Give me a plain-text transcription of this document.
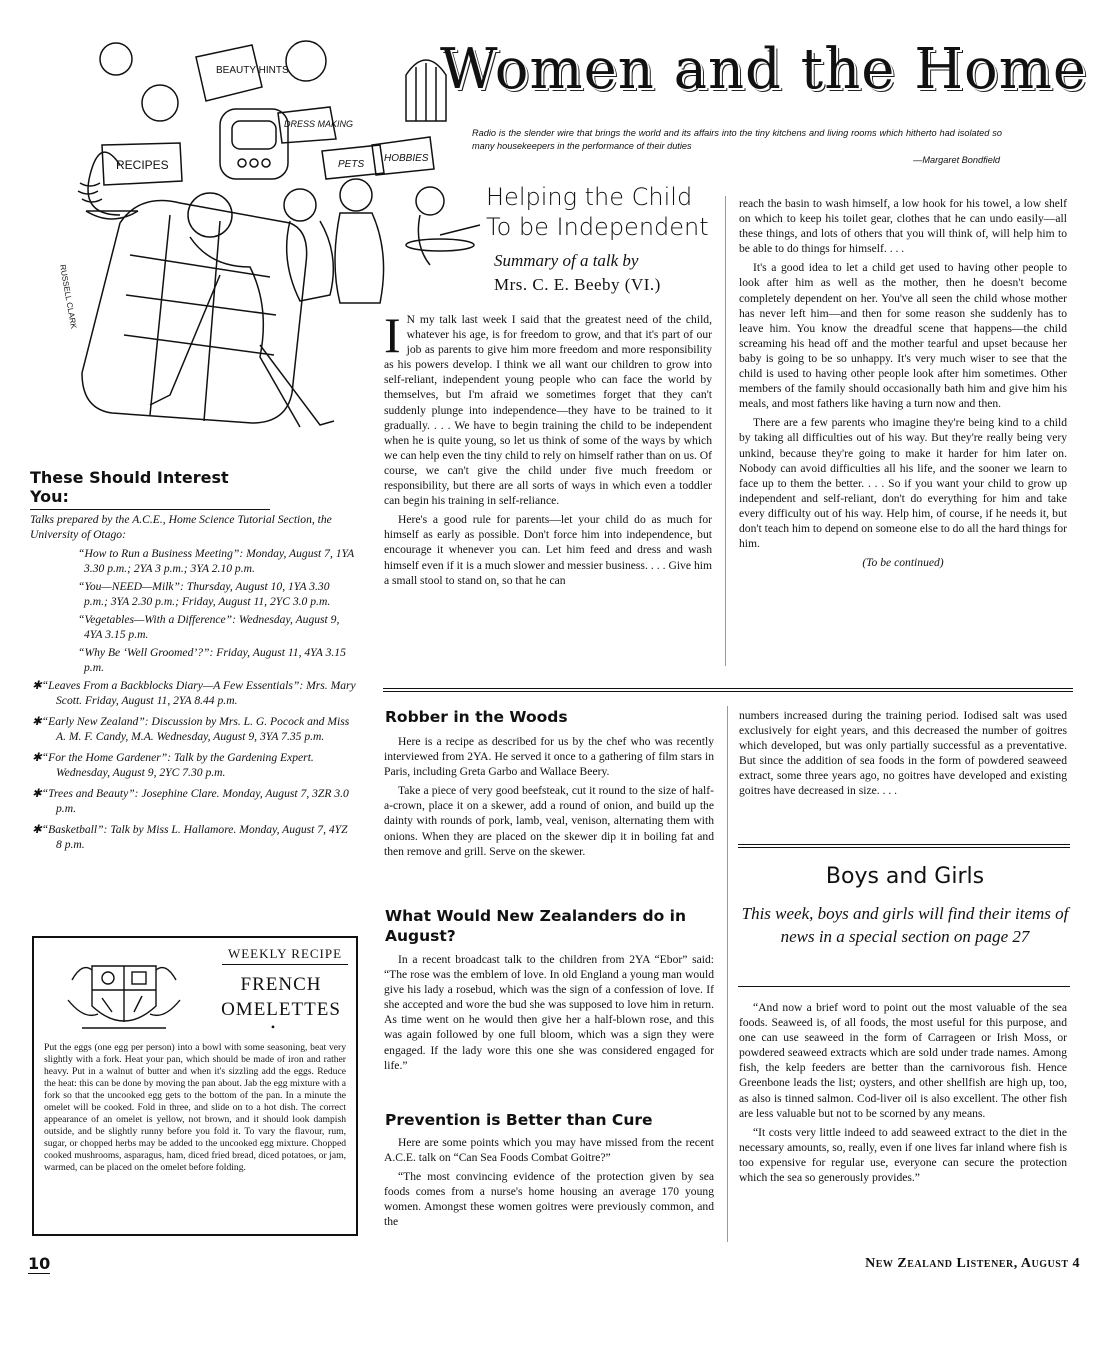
Women and the Home
Radio is the slender wire that brings the world and its affairs into the tiny kitchens and living rooms which hitherto had isolated so many housekeepers in the performance of their duties
—Margaret Bondfield
BEAUTY HINTS
DRESS MAKING
RECIPES	PETS
HOBBIES
RUSSELL CLARK
Helping the Child
To be Independent
Summary of a talk by
Mrs. C. E. Beeby (VI.)

I N my talk last week I said that the greatest need of the child, whatever his age, is for freedom to grow, and that it's part of our job as parents to give him more freedom and more responsibility as his powers develop. I think we all want our children to grow into self-reliant, independent young people who can face the world by themselves, but I'm afraid we sometimes forget that they can't suddenly plunge into independence—they have to be trained to it gradually. . . . We have to begin training the child to be independent when he is quite young, so let us think of some of the ways by which we can help even the tiny child to rely on himself rather than on us. Of course, we can't give the child under five much freedom or responsibility, but there are all sorts of ways in which even a toddler can begin his training in self-reliance.

Here's a good rule for parents—let your child do as much for himself as early as possible. Don't force him into independence, but encourage it whenever you can. Let him feed and dress and wash himself even if it is a much slower and messier business. . . . Give him a small stool to stand on, so that he can

reach the basin to wash himself, a low hook for his towel, a low shelf on which to keep his toilet gear, clothes that he can undo easily—all these things, and lots of others that you will think of, will help him to be able to do things for himself. . . .

It's a good idea to let a child get used to having other people to look after him as well as the mother, then he doesn't become completely dependent on her. You've all seen the child whose mother has never left him—and then for some reason she suddenly has to leave him. You know the dreadful scene that happens—the child screaming his head off and the mother tearful and upset because her baby is going to be so unhappy. It's very much wiser to see that the child is used to having other people look after him sometimes. Other members of the family should occasionally bath him and give him his meals, and most fathers like having a turn now and then.

There are a few parents who imagine they're being kind to a child by taking all difficulties out of his way. But they're really being very unkind, because they're going to make it harder for him later on. Nobody can avoid difficulties all his life, and the sooner we learn to face up to them the better. . . . So if you want your child to grow up independent and self-reliant, don't do everything for him and take every difficulty out of his way. Help him, of course, if he needs it, but don't teach him to depend on someone else to do all the hard things for him.

(To be continued)

These Should Interest You:

Talks prepared by the A.C.E., Home Science Tutorial Section, the University of Otago:

“How to Run a Business Meeting”: Monday, August 7, 1YA 3.30 p.m.; 2YA 3 p.m.; 3YA 2.10 p.m.

“You—NEED—Milk”: Thursday, August 10, 1YA 3.30 p.m.; 3YA 2.30 p.m.; Friday, August 11, 2YC 3.0 p.m.

“Vegetables—With a Difference”: Wednesday, August 9, 4YA 3.15 p.m.

“Why Be ‘Well Groomed’?”: Friday, August 11, 4YA 3.15 p.m.

✱“Leaves From a Backblocks Diary—A Few Essentials”: Mrs. Mary Scott. Friday, August 11, 2YA 8.44 p.m.

✱“Early New Zealand”: Discussion by Mrs. L. G. Pocock and Miss A. M. F. Candy, M.A. Wednesday, August 9, 3YA 7.35 p.m.

✱“For the Home Gardener”: Talk by the Gardening Expert. Wednesday, August 9, 2YC 7.30 p.m.

✱“Trees and Beauty”: Josephine Clare. Monday, August 7, 3ZR 3.0 p.m.

✱“Basketball”: Talk by Miss L. Hallamore. Monday, August 7, 4YZ 8 p.m.

WEEKLY RECIPE
FRENCH
OMELETTES
•
Put the eggs (one egg per person) into a bowl with some seasoning, beat very slightly with a fork. Heat your pan, which should be made of iron and rather heavy. Put in a walnut of butter and when it's sizzling add the eggs. Reduce the heat: this can be done by moving the pan about. Jab the egg mixture with a fork so that the uncooked egg gets to the bottom of the pan. In a minute the omelet will be cooked. Fold in three, and slide on to a hot dish. The correct appearance of an omelet is yellow, not brown, and it should look dampish outside, and be slightly runny before you fold it. To vary the flavour, rum, sugar, or chopped herbs may be added to the uncooked egg mixture. Chopped cooked mushrooms, asparagus, ham, diced fried bread, diced potatoes, or jam, warmed, can be placed on the omelet before folding.
Robber in the Woods

Here is a recipe as described for us by the chef who was recently interviewed from 2YA. He served it once to a gathering of film stars in Paris, including Greta Garbo and Wallace Beery.

Take a piece of very good beefsteak, cut it round to the size of half-a-crown, place it on a skewer, add a round of onion, and build up the dainty with rounds of pork, lamb, veal, venison, alternating them with onions. When they are placed on the skewer dip it in boiling fat and then remove and grill. Serve on the skewer.

What Would New Zealanders do in August?

In a recent broadcast talk to the children from 2YA “Ebor” said: “The rose was the emblem of love. In old England a young man would give his lady a rosebud, which was the sign of a confession of love. If she accepted and wore the bud she was supposed to love him in return. As time went on he would then give her a half-blown rose, and this was again followed by one full bloom, which was a sign they were engaged. If the lady wore this one she was considered engaged for life.”

Prevention is Better than Cure

Here are some points which you may have missed from the recent A.C.E. talk on “Can Sea Foods Combat Goitre?”

“The most convincing evidence of the protection given by sea foods comes from a nurse's home housing an average 170 young women. Amongst these women goitres were previously common, and the

numbers increased during the training period. Iodised salt was used exclusively for eight years, and this decreased the number of goitres which developed, but was only partially successful as a preventative. But since the addition of sea foods in the form of powdered seaweed extract, some three years ago, no goitres have developed and existing goitres have decreased in size. . . .

Boys and Girls
This week, boys and girls will find their items of news in a special section on page 27

“And now a brief word to point out the most valuable of the sea foods. Seaweed is, of all foods, the most useful for this purpose, and one can use seaweed in the form of Carrageen or Irish Moss, or powdered seaweed extracts which are sold under trade names. Among fish, the kelp feeders are better than the carnivorous fish. Hence Greenbone leads the list; oysters, and other shellfish are high up, too, as also is tinned salmon. Cod-liver oil is also excellent. The other fish are less valuable but not to be scorned by any means.

“It costs very little indeed to add seaweed extract to the diet in the necessary amounts, so, really, even if one lives far inland where fish is too expensive for regular use, everyone can secure the protection which the sea so generously provides.”

10	New Zealand Listener, August 4
